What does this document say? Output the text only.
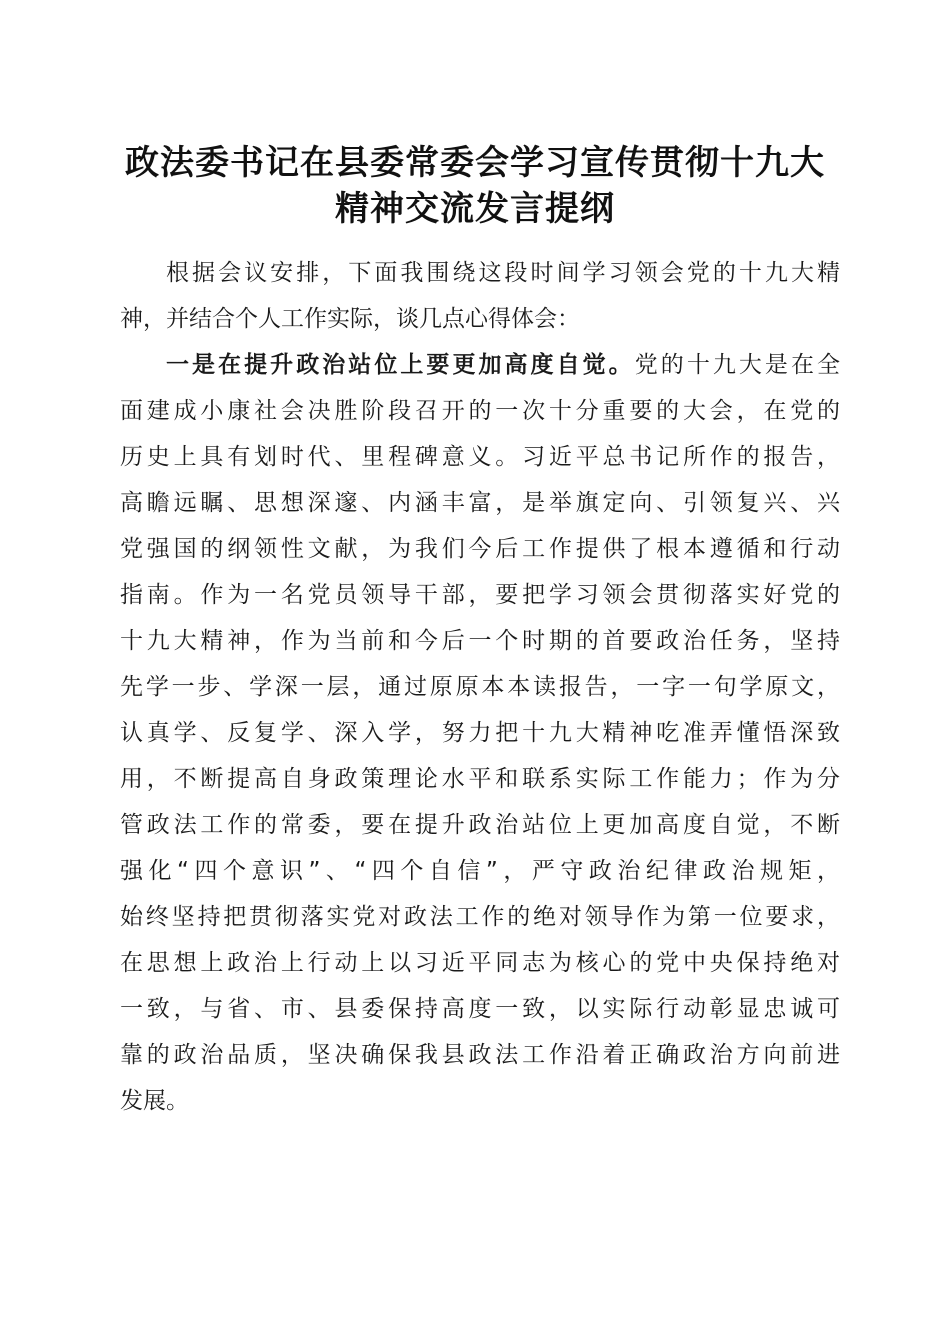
政法委书记在县委常委会学习宣传贯彻十九大
精神交流发言提纲
根据会议安排，下面我围绕这段时间学习领会党的十九大精
神，并结合个人工作实际，谈几点心得体会：
一是在提升政治站位上要更加高度自觉。党的十九大是在全
面建成小康社会决胜阶段召开的一次十分重要的大会，在党的
历史上具有划时代、里程碑意义。习近平总书记所作的报告，
高瞻远瞩、思想深邃、内涵丰富，是举旗定向、引领复兴、兴
党强国的纲领性文献，为我们今后工作提供了根本遵循和行动
指南。作为一名党员领导干部，要把学习领会贯彻落实好党的
十九大精神，作为当前和今后一个时期的首要政治任务，坚持
先学一步、学深一层，通过原原本本读报告，一字一句学原文，
认真学、反复学、深入学，努力把十九大精神吃准弄懂悟深致
用，不断提高自身政策理论水平和联系实际工作能力；作为分
管政法工作的常委，要在提升政治站位上更加高度自觉，不断
强化“四个意识”、“四个自信”，严守政治纪律政治规矩，
始终坚持把贯彻落实党对政法工作的绝对领导作为第一位要求，
在思想上政治上行动上以习近平同志为核心的党中央保持绝对
一致，与省、市、县委保持高度一致，以实际行动彰显忠诚可
靠的政治品质，坚决确保我县政法工作沿着正确政治方向前进
发展。
